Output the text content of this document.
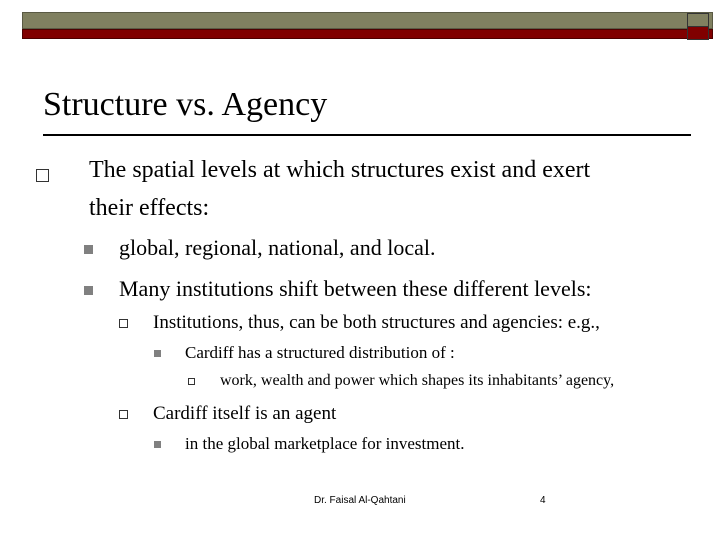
Structure vs. Agency
The spatial levels at which structures exist and exert
their effects:
global, regional, national, and local.
Many institutions shift between these different levels:
Institutions, thus, can be both structures and agencies: e.g.,
Cardiff has a structured distribution of :
work, wealth and power which shapes its inhabitants’ agency,
Cardiff itself is an agent
in the global marketplace for investment.
Dr. Faisal Al-Qahtani	4
